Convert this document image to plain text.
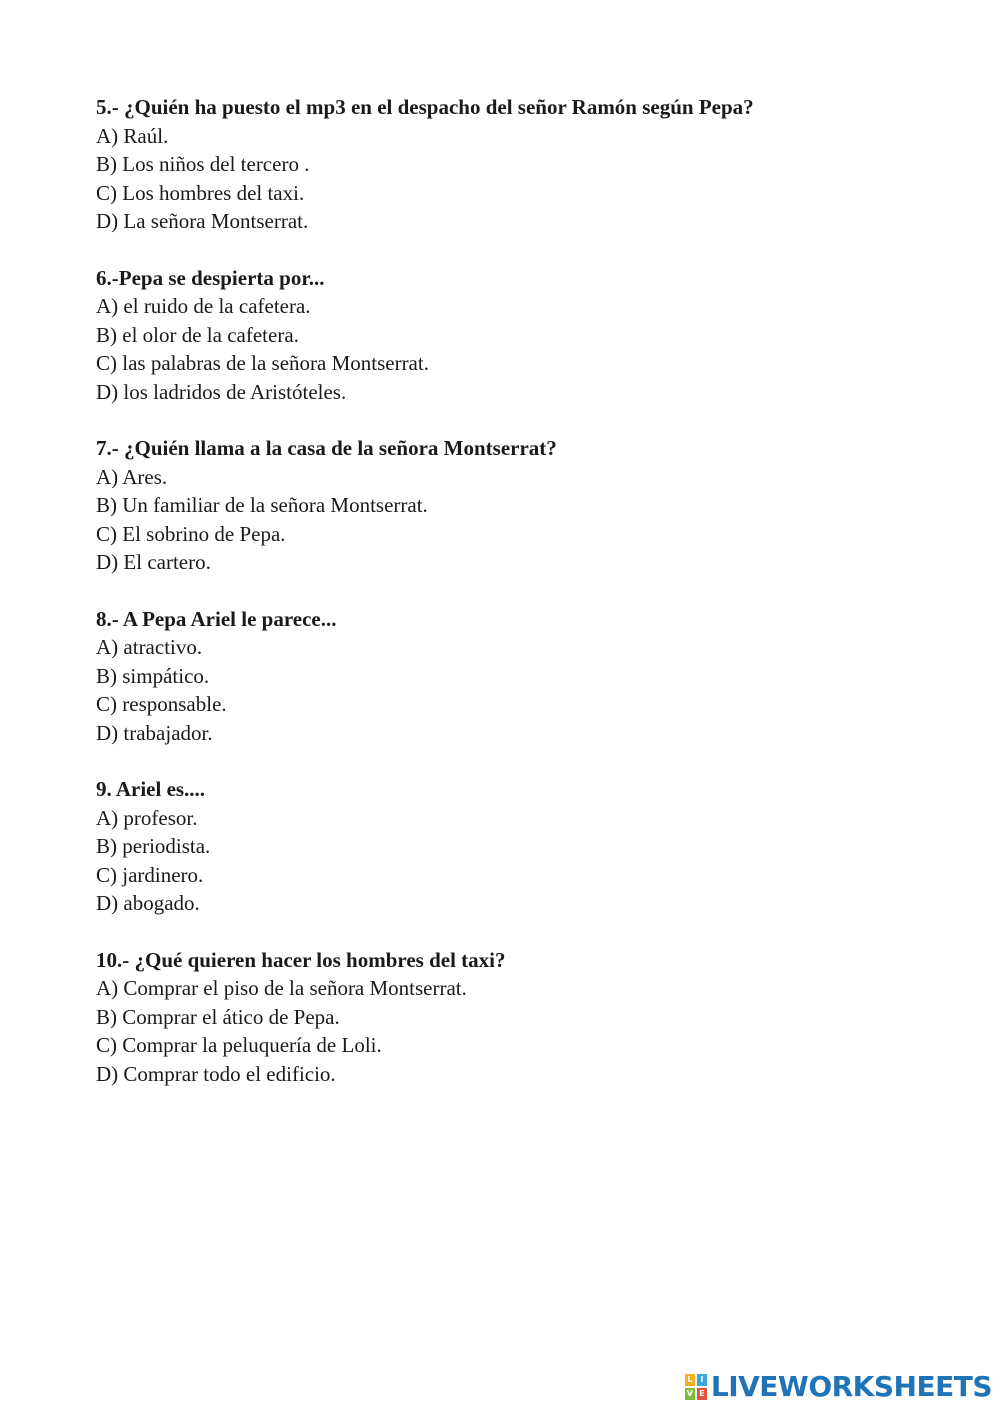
5.- ¿Quién ha puesto el mp3 en el despacho del señor Ramón según Pepa?

A) Raúl.

B) Los niños del tercero .

C) Los hombres del taxi.

D) La señora Montserrat.

6.-Pepa se despierta por...

A) el ruido de la cafetera.

B) el olor de la cafetera.

C) las palabras de la señora Montserrat.

D) los ladridos de Aristóteles.

7.- ¿Quién llama a la casa de la señora Montserrat?

A) Ares.

B) Un familiar de la señora Montserrat.

C) El sobrino de Pepa.

D) El cartero.

8.- A Pepa Ariel le parece...

A) atractivo.

B) simpático.

C) responsable.

D) trabajador.

9. Ariel es....

A) profesor.

B) periodista.

C) jardinero.

D) abogado.

10.- ¿Qué quieren hacer los hombres del taxi?

A) Comprar el piso de la señora Montserrat.

B) Comprar el ático de Pepa.

C) Comprar la peluquería de Loli.

D) Comprar todo el edificio.

L I
V E LIVEWORKSHEETS
